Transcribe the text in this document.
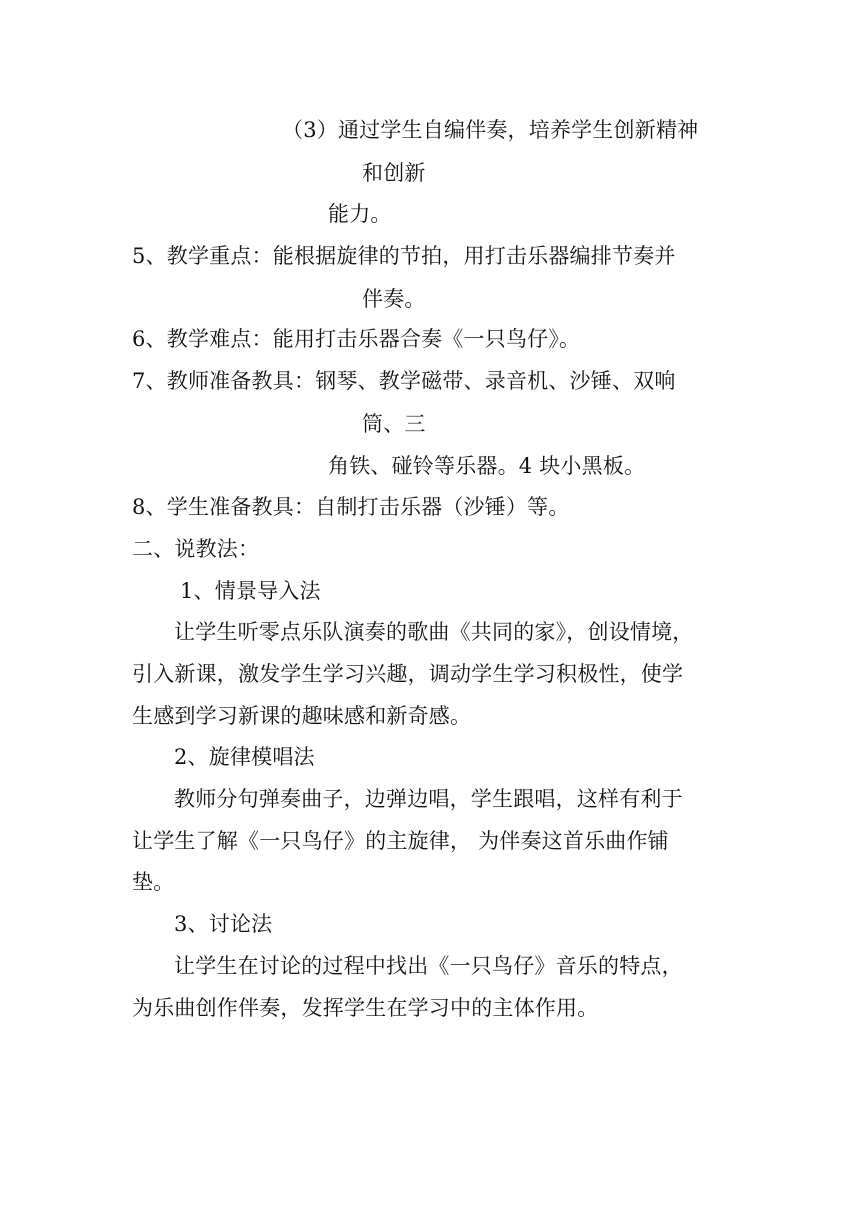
（3）通过学生自编伴奏，培养学生创新精神
和创新
能力。
5、教学重点：能根据旋律的节拍，用打击乐器编排节奏并
伴奏。
6、教学难点：能用打击乐器合奏《一只鸟仔》。
7、教师准备教具：钢琴、教学磁带、录音机、沙锤、双响
筒、三
角铁、碰铃等乐器。4 块小黑板。
8、学生准备教具：自制打击乐器（沙锤）等。
二、说教法：
1、情景导入法
让学生听零点乐队演奏的歌曲《共同的家》，创设情境，
引入新课，激发学生学习兴趣，调动学生学习积极性，使学
生感到学习新课的趣味感和新奇感。
2、旋律模唱法
教师分句弹奏曲子，边弹边唱，学生跟唱，这样有利于
让学生了解《一只鸟仔》的主旋律， 为伴奏这首乐曲作铺
垫。
3、讨论法
让学生在讨论的过程中找出《一只鸟仔》音乐的特点，
为乐曲创作伴奏，发挥学生在学习中的主体作用。
